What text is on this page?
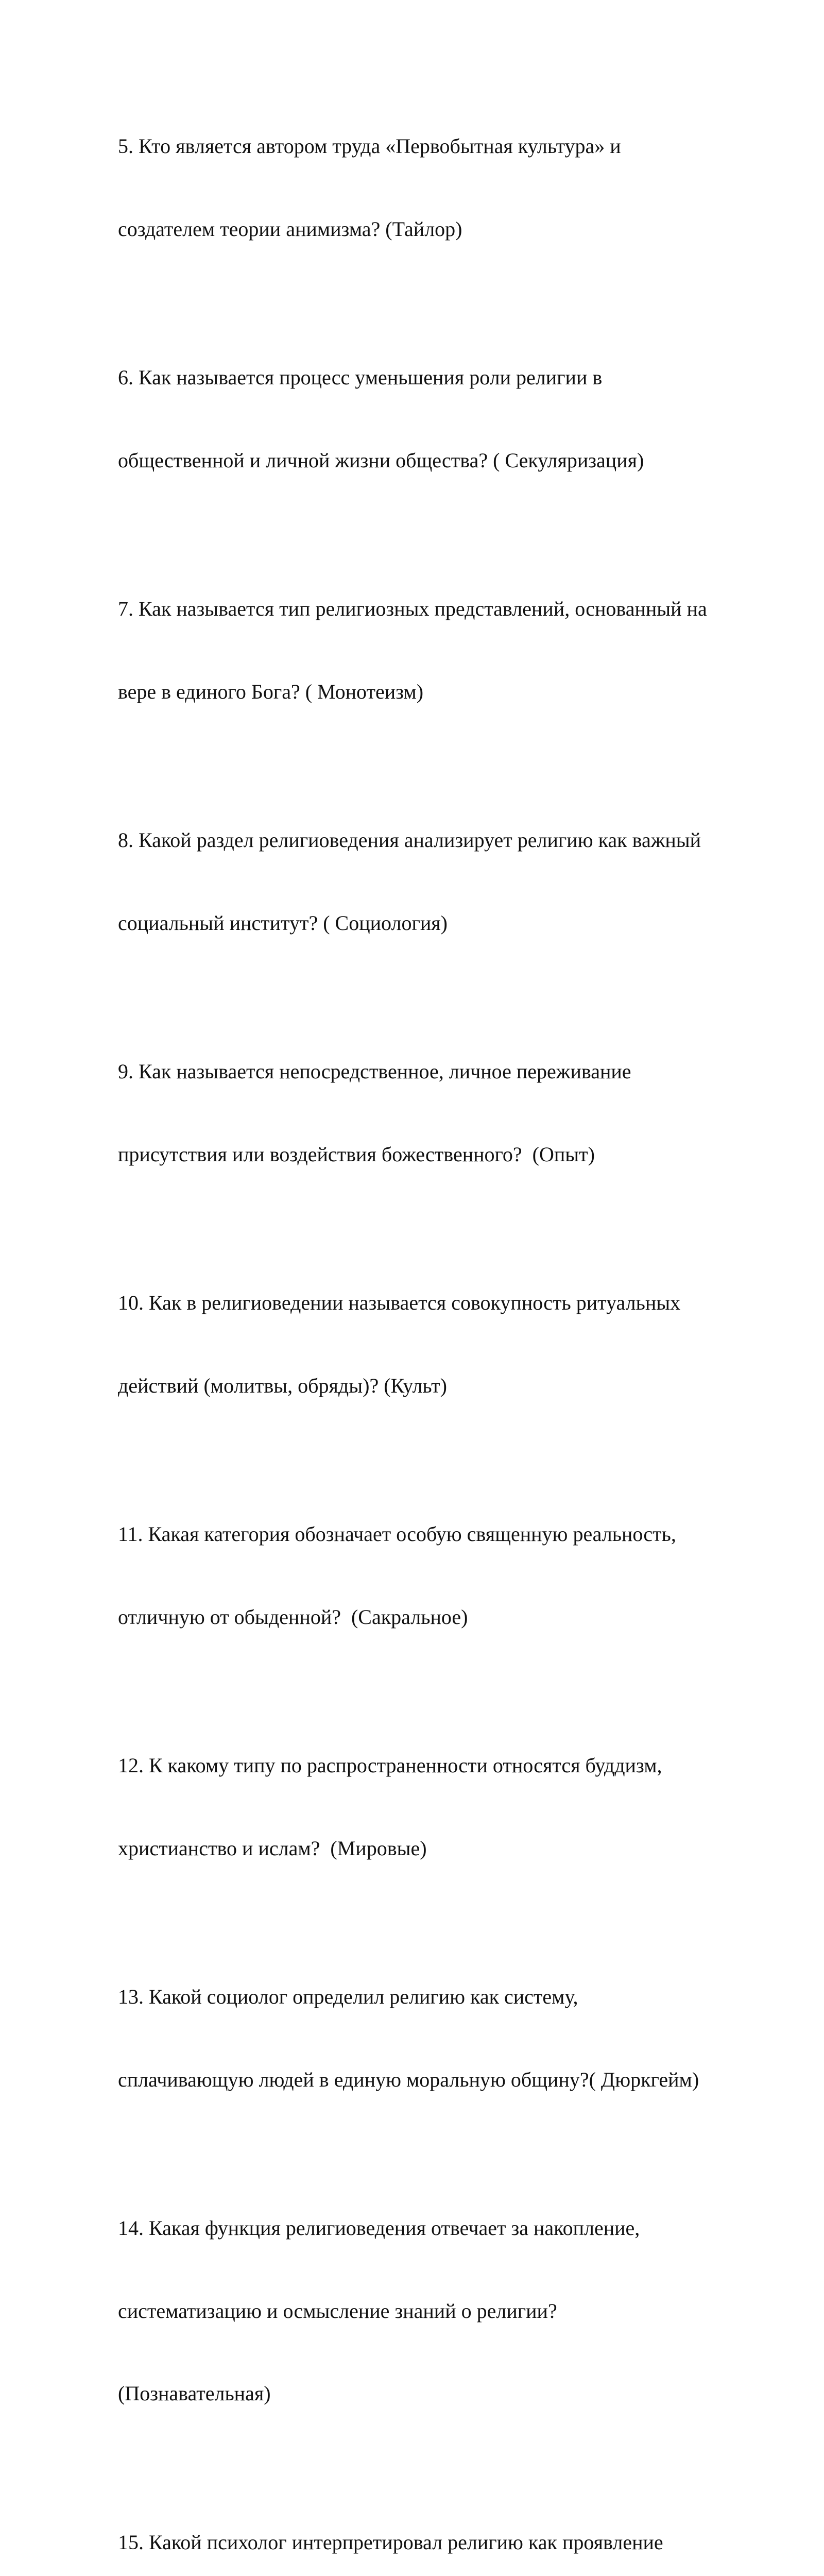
5. Кто является автором труда «Первобытная культура» и

создателем теории анимизма? (Тайлор)

6. Как называется процесс уменьшения роли религии в

общественной и личной жизни общества? ( Секуляризация)

7. Как называется тип религиозных представлений, основанный на

вере в единого Бога? ( Монотеизм)

8. Какой раздел религиоведения анализирует религию как важный

социальный институт? ( Социология)

9. Как называется непосредственное, личное переживание

присутствия или воздействия божественного?  (Опыт)

10. Как в религиоведении называется совокупность ритуальных

действий (молитвы, обряды)? (Культ)

11. Какая категория обозначает особую священную реальность,

отличную от обыденной?  (Сакральное)

12. К какому типу по распространенности относятся буддизм,

христианство и ислам?  (Мировые)

13. Какой социолог определил религию как систему,

сплачивающую людей в единую моральную общину?( Дюркгейм)

14. Какая функция религиоведения отвечает за накопление,

систематизацию и осмысление знаний о религии?

(Познавательная)

15. Какой психолог интерпретировал религию как проявление
